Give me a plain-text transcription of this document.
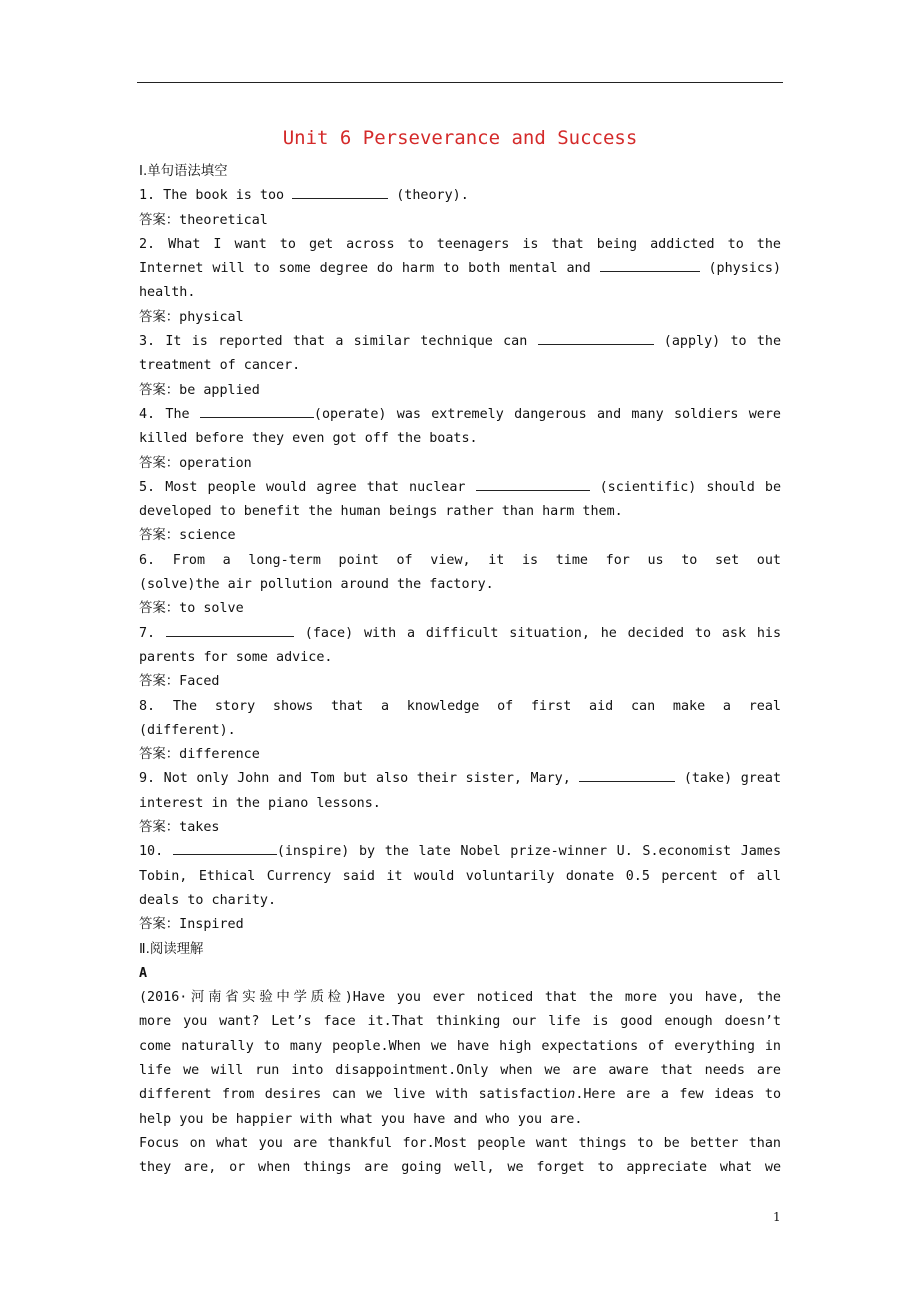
Unit 6 Perseverance and Success

Ⅰ.单句语法填空

1. The book is too	(theory).

答案：theoretical

2. What I want to get across to teenagers is that being addicted to the

Internet will to some degree do harm to both mental and	(physics)

health.

答案：physical

3. It is reported that a similar technique can	(apply) to the

treatment of cancer.

答案：be applied

4. The	(operate) was extremely dangerous and many soldiers were

killed before they even got off the boats.

答案：operation

5. Most people would agree that nuclear	(scientific) should be

developed to benefit the human beings rather than harm them.

答案：science

6. From a long-term point of view, it is time for us to set out

(solve)the air pollution around the factory.

答案：to solve

7.	(face) with a difficult situation, he decided to ask his

parents for some advice.

答案：Faced

8. The story shows that a knowledge of first aid can make a real

(different).

答案：difference

9. Not only John and Tom but also their sister, Mary,	(take) great

interest in the piano lessons.

答案：takes

10.	(inspire) by the late Nobel prize-winner U. S.economist James

Tobin, Ethical Currency said it would voluntarily donate 0.5 percent of all

deals to charity.

答案：Inspired

Ⅱ.阅读理解

A

(2016·河南省实验中学质检)Have you ever noticed that the more you have, the

more you want? Let’s face it.That thinking our life is good enough doesn’t

come naturally to many people.When we have high expectations of everything in

life we will run into disappointment.Only when we are aware that needs are

different from desires can we live with satisfaction.Here are a few ideas to

help you be happier with what you have and who you are.

Focus on what you are thankful for.Most people want things to be better than

they are, or when things are going well, we forget to appreciate what we

1
